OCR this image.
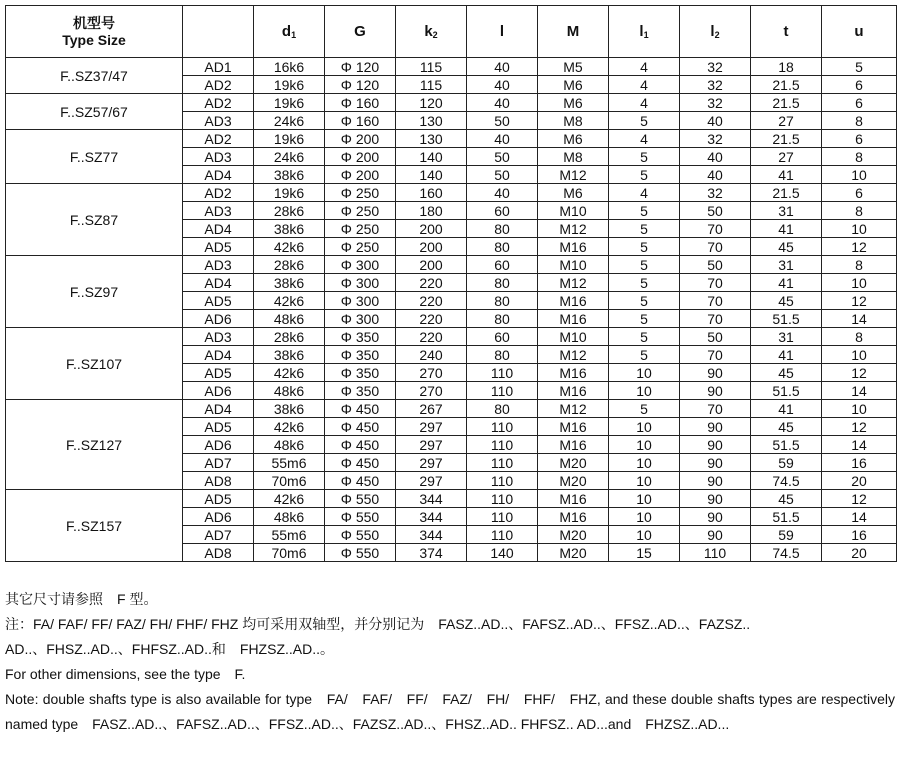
机型号
Type Size		$d_1$	G	$k_2$	l	M	$l_1$	$l_2$	t	u
F..SZ37/47	AD1	16k6	Φ 120	115	40	M5	4	32	18	5
	AD2	19k6	Φ 120	115	40	M6	4	32	21.5	6
F..SZ57/67	AD2	19k6	Φ 160	120	40	M6	4	32	21.5	6
	AD3	24k6	Φ 160	130	50	M8	5	40	27	8
F..SZ77	AD2	19k6	Φ 200	130	40	M6	4	32	21.5	6
	AD3	24k6	Φ 200	140	50	M8	5	40	27	8
	AD4	38k6	Φ 200	140	50	M12	5	40	41	10
F..SZ87	AD2	19k6	Φ 250	160	40	M6	4	32	21.5	6
	AD3	28k6	Φ 250	180	60	M10	5	50	31	8
	AD4	38k6	Φ 250	200	80	M12	5	70	41	10
	AD5	42k6	Φ 250	200	80	M16	5	70	45	12
F..SZ97	AD3	28k6	Φ 300	200	60	M10	5	50	31	8
	AD4	38k6	Φ 300	220	80	M12	5	70	41	10
	AD5	42k6	Φ 300	220	80	M16	5	70	45	12
	AD6	48k6	Φ 300	220	80	M16	5	70	51.5	14
F..SZ107	AD3	28k6	Φ 350	220	60	M10	5	50	31	8
	AD4	38k6	Φ 350	240	80	M12	5	70	41	10
	AD5	42k6	Φ 350	270	110	M16	10	90	45	12
	AD6	48k6	Φ 350	270	110	M16	10	90	51.5	14
F..SZ127	AD4	38k6	Φ 450	267	80	M12	5	70	41	10
	AD5	42k6	Φ 450	297	110	M16	10	90	45	12
	AD6	48k6	Φ 450	297	110	M16	10	90	51.5	14
	AD7	55m6	Φ 450	297	110	M20	10	90	59	16
	AD8	70m6	Φ 450	297	110	M20	10	90	74.5	20
F..SZ157	AD5	42k6	Φ 550	344	110	M16	10	90	45	12
	AD6	48k6	Φ 550	344	110	M16	10	90	51.5	14
	AD7	55m6	Φ 550	344	110	M20	10	90	59	16
	AD8	70m6	Φ 550	374	140	M20	15	110	74.5	20
其它尺寸请参照　F 型。
注：FA/ FAF/ FF/ FAZ/ FH/ FHF/ FHZ 均可采用双轴型，并分别记为　FASZ..AD..、FAFSZ..AD..、FFSZ..AD..、FAZSZ..
AD..、FHSZ..AD..、FHFSZ..AD..和　FHZSZ..AD..。
For other dimensions, see the type　F.
Note: double shafts type is also available for type　FA/　FAF/　FF/　FAZ/　FH/　FHF/　FHZ, and these double shafts types are respectively named type　FASZ..AD..、FAFSZ..AD..、FFSZ..AD..、FAZSZ..AD..、FHSZ..AD.. FHFSZ.. AD...and　FHZSZ..AD...
